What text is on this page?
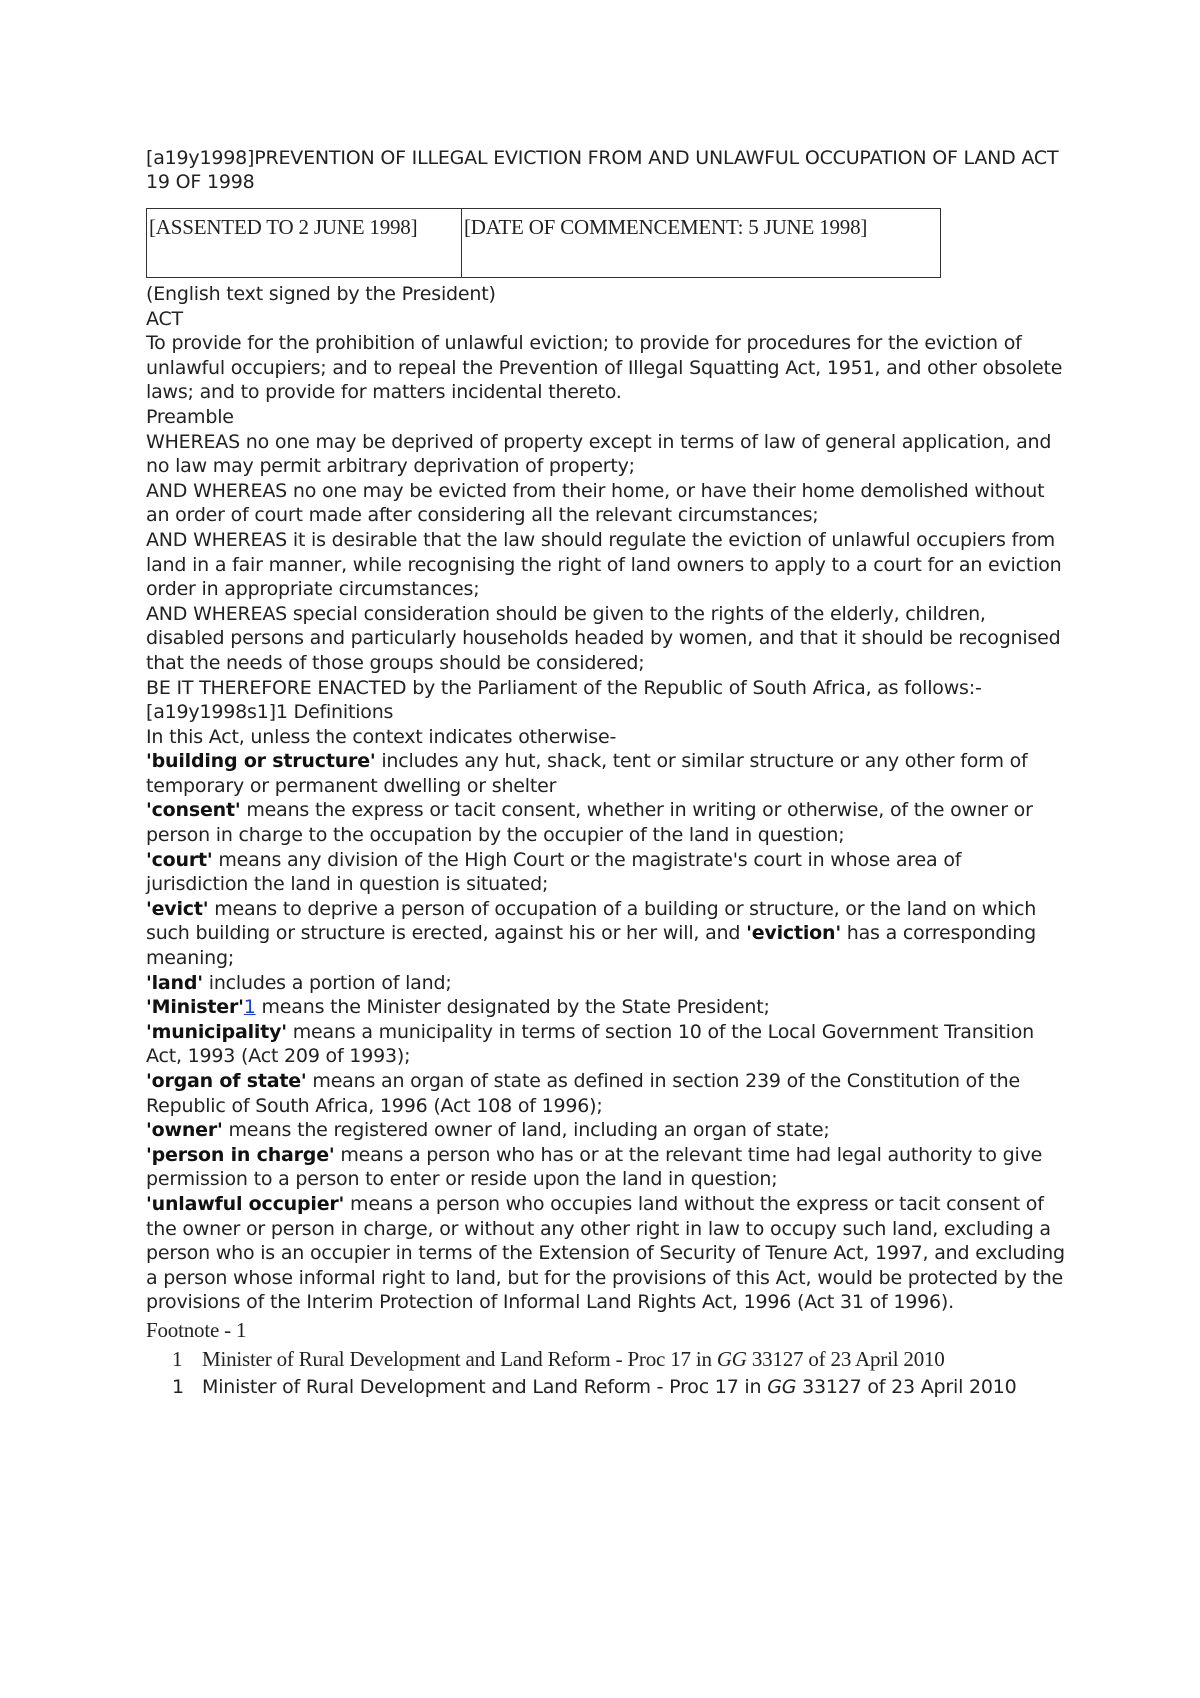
[a19y1998]PREVENTION OF ILLEGAL EVICTION FROM AND UNLAWFUL OCCUPATION OF LAND ACT 19 OF 1998
[ASSENTED TO 2 JUNE 1998]	[DATE OF COMMENCEMENT: 5 JUNE 1998]
(English text signed by the President)
ACT
To provide for the prohibition of unlawful eviction; to provide for procedures for the eviction of unlawful occupiers; and to repeal the Prevention of Illegal Squatting Act, 1951, and other obsolete laws; and to provide for matters incidental thereto.
Preamble
WHEREAS no one may be deprived of property except in terms of law of general application, and no law may permit arbitrary deprivation of property;
AND WHEREAS no one may be evicted from their home, or have their home demolished without an order of court made after considering all the relevant circumstances;
AND WHEREAS it is desirable that the law should regulate the eviction of unlawful occupiers from land in a fair manner, while recognising the right of land owners to apply to a court for an eviction order in appropriate circumstances;
AND WHEREAS special consideration should be given to the rights of the elderly, children, disabled persons and particularly households headed by women, and that it should be recognised that the needs of those groups should be considered;
BE IT THEREFORE ENACTED by the Parliament of the Republic of South Africa, as follows:-
[a19y1998s1]1 Definitions
In this Act, unless the context indicates otherwise-
'building or structure' includes any hut, shack, tent or similar structure or any other form of temporary or permanent dwelling or shelter
'consent' means the express or tacit consent, whether in writing or otherwise, of the owner or person in charge to the occupation by the occupier of the land in question;
'court' means any division of the High Court or the magistrate's court in whose area of jurisdiction the land in question is situated;
'evict' means to deprive a person of occupation of a building or structure, or the land on which such building or structure is erected, against his or her will, and 'eviction' has a corresponding meaning;
'land' includes a portion of land;
'Minister'1 means the Minister designated by the State President;
'municipality' means a municipality in terms of section 10 of the Local Government Transition Act, 1993 (Act 209 of 1993);
'organ of state' means an organ of state as defined in section 239 of the Constitution of the Republic of South Africa, 1996 (Act 108 of 1996);
'owner' means the registered owner of land, including an organ of state;
'person in charge' means a person who has or at the relevant time had legal authority to give permission to a person to enter or reside upon the land in question;
'unlawful occupier' means a person who occupies land without the express or tacit consent of the owner or person in charge, or without any other right in law to occupy such land, excluding a person who is an occupier in terms of the Extension of Security of Tenure Act, 1997, and excluding a person whose informal right to land, but for the provisions of this Act, would be protected by the provisions of the Interim Protection of Informal Land Rights Act, 1996 (Act 31 of 1996).
Footnote - 1
1 Minister of Rural Development and Land Reform - Proc 17 in GG 33127 of 23 April 2010
1 Minister of Rural Development and Land Reform - Proc 17 in GG 33127 of 23 April 2010
